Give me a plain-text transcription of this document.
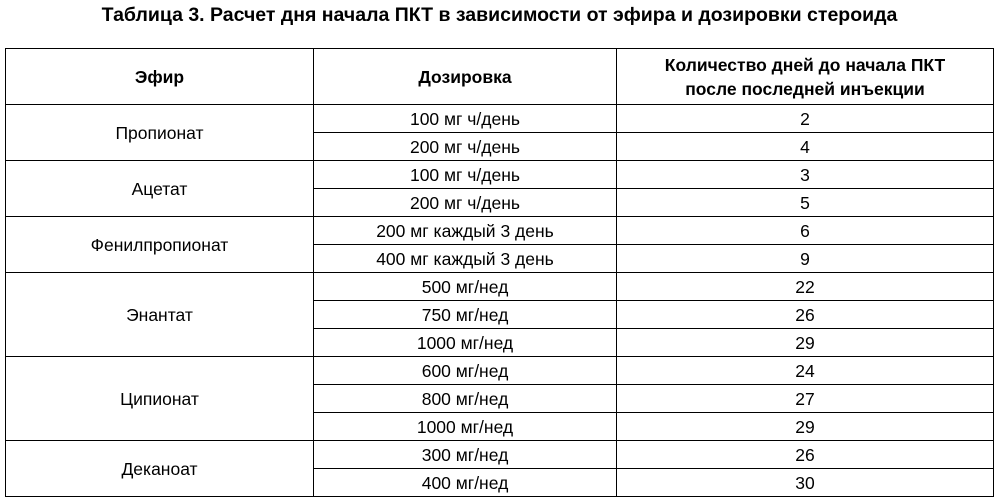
Таблица 3. Расчет дня начала ПКТ в зависимости от эфира и дозировки стероида
Эфир	Дозировка	Количество дней до начала ПКТ
после последней инъекции

Пропионат	100 мг ч/день	2
	200 мг ч/день	4
Ацетат	100 мг ч/день	3
	200 мг ч/день	5
Фенилпропионат	200 мг каждый 3 день	6
	400 мг каждый 3 день	9
Энантат	500 мг/нед	22
	750 мг/нед	26
	1000 мг/нед	29
Ципионат	600 мг/нед	24
	800 мг/нед	27
	1000 мг/нед	29
Деканоат	300 мг/нед	26
	400 мг/нед	30
